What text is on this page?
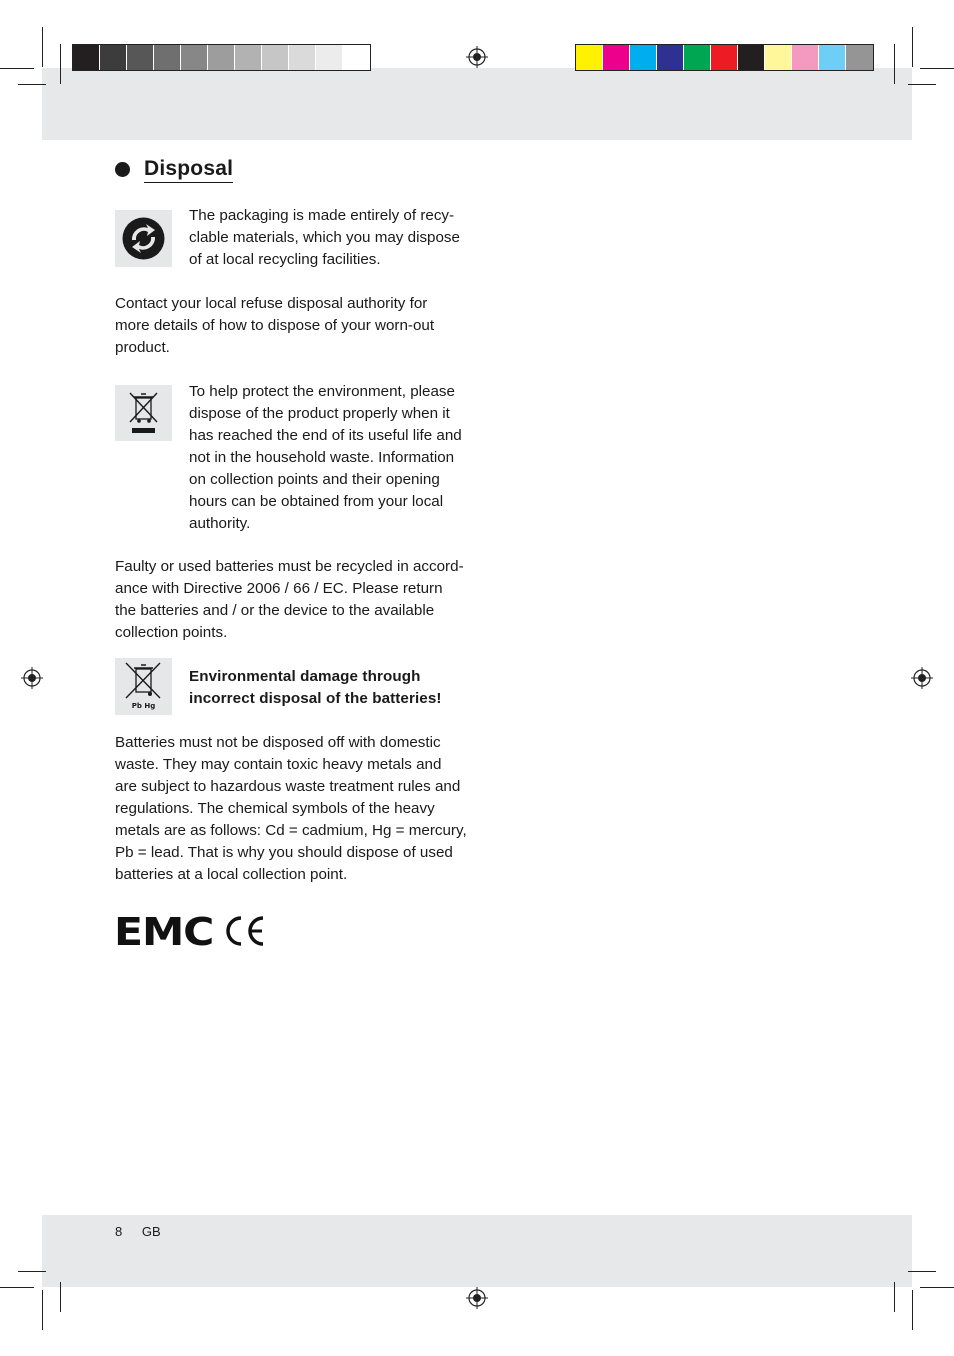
Disposal
The packaging is made entirely of recy-
clable materials, which you may dispose
of at local recycling facilities.
Contact your local refuse disposal authority for
more details of how to dispose of your worn-out
product.
To help protect the environment, please
dispose of the product properly when it
has reached the end of its useful life and
not in the household waste. Information
on collection points and their opening
hours can be obtained from your local
authority.
Faulty or used batteries must be recycled in accord-
ance with Directive 2006 / 66 / EC. Please return
the batteries and / or the device to the available
collection points.
Pb Hg
Environmental damage through
incorrect disposal of the batteries!
Batteries must not be disposed off with domestic
waste. They may contain toxic heavy metals and
are subject to hazardous waste treatment rules and
regulations. The chemical symbols of the heavy
metals are as follows: Cd = cadmium, Hg = mercury,
Pb = lead. That is why you should dispose of used
batteries at a local collection point.
EMC
8 GB
